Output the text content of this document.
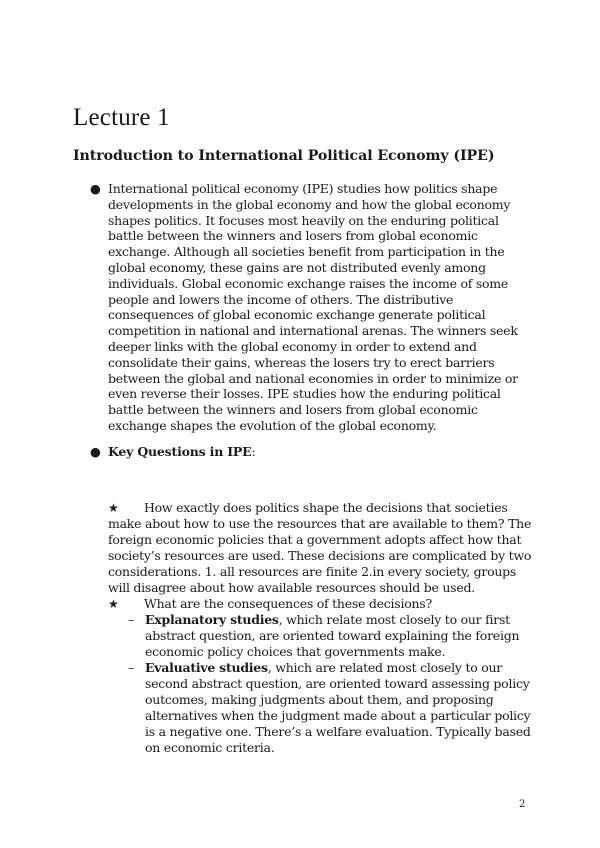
Lecture 1
Introduction to International Political Economy (IPE)
● International political economy (IPE) studies how politics shape developments in the global economy and how the global economy shapes politics. It focuses most heavily on the enduring political battle between the winners and losers from global economic exchange. Although all societies benefit from participation in the global economy, these gains are not distributed evenly among individuals. Global economic exchange raises the income of some people and lowers the income of others. The distributive consequences of global economic exchange generate political competition in national and international arenas. The winners seek deeper links with the global economy in order to extend and consolidate their gains, whereas the losers try to erect barriers between the global and national economies in order to minimize or even reverse their losses. IPE studies how the enduring political battle between the winners and losers from global economic exchange shapes the evolution of the global economy.

● Key Questions in IPE:

★ How exactly does politics shape the decisions that societies make about how to use the resources that are available to them? The foreign economic policies that a government adopts affect how that society’s resources are used. These decisions are complicated by two considerations. 1. all resources are finite 2.in every society, groups will disagree about how available resources should be used.

★ What are the consequences of these decisions?

– Explanatory studies, which relate most closely to our first abstract question, are oriented toward explaining the foreign economic policy choices that governments make.

– Evaluative studies, which are related most closely to our second abstract question, are oriented toward assessing policy outcomes, making judgments about them, and proposing alternatives when the judgment made about a particular policy is a negative one. There’s a welfare evaluation. Typically based on economic criteria.

2
